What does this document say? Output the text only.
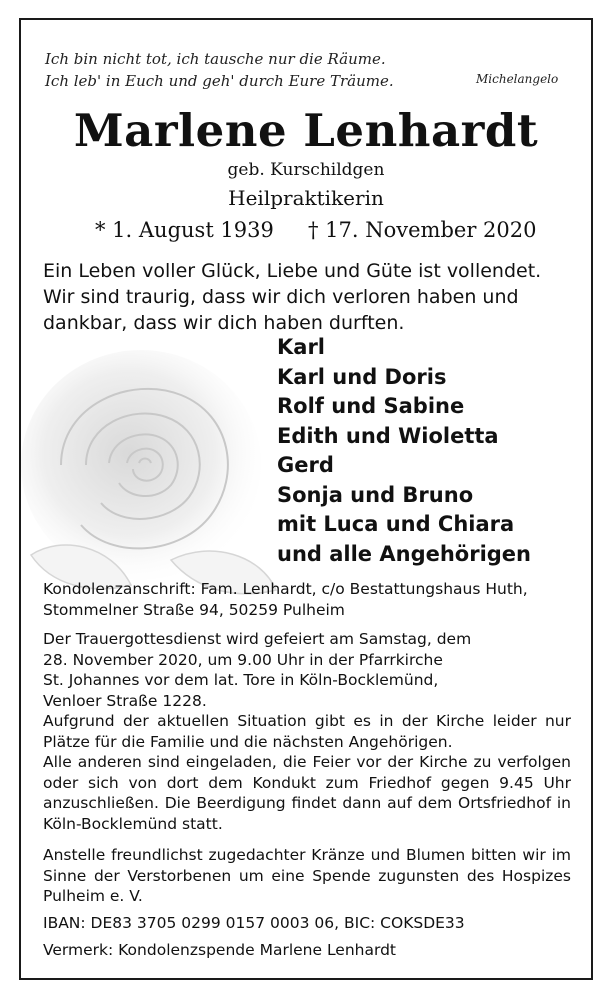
Ich bin nicht tot, ich tausche nur die Räume.
Ich leb' in Euch und geh' durch Eure Träume.	Michelangelo
Marlene Lenhardt
geb. Kurschildgen
Heilpraktikerin
* 1. August 1939 † 17. November 2020
Ein Leben voller Glück, Liebe und Güte ist vollendet.
Wir sind traurig, dass wir dich verloren haben und
dankbar, dass wir dich haben durften.
Karl
Karl und Doris
Rolf und Sabine
Edith und Wioletta
Gerd
Sonja und Bruno
mit Luca und Chiara
und alle Angehörigen
Kondolenzanschrift: Fam. Lenhardt, c/o Bestattungshaus Huth,
Stommelner Straße 94, 50259 Pulheim
Der Trauergottesdienst wird gefeiert am Samstag, dem
28. November 2020, um 9.00 Uhr in der Pfarrkirche
St. Johannes vor dem lat. Tore in Köln-Bocklemünd,
Venloer Straße 1228.
Aufgrund der aktuellen Situation gibt es in der Kirche leider nur Plätze für die Familie und die nächsten Angehörigen.
Alle anderen sind eingeladen, die Feier vor der Kirche zu verfolgen oder sich von dort dem Kondukt zum Friedhof gegen 9.45 Uhr anzuschließen. Die Beerdigung findet dann auf dem Ortsfriedhof in Köln-Bocklemünd statt.
Anstelle freundlichst zugedachter Kränze und Blumen bitten wir im Sinne der Verstorbenen um eine Spende zugunsten des Hospizes Pulheim e. V.
IBAN: DE83 3705 0299 0157 0003 06, BIC: COKSDE33
Vermerk: Kondolenzspende Marlene Lenhardt
